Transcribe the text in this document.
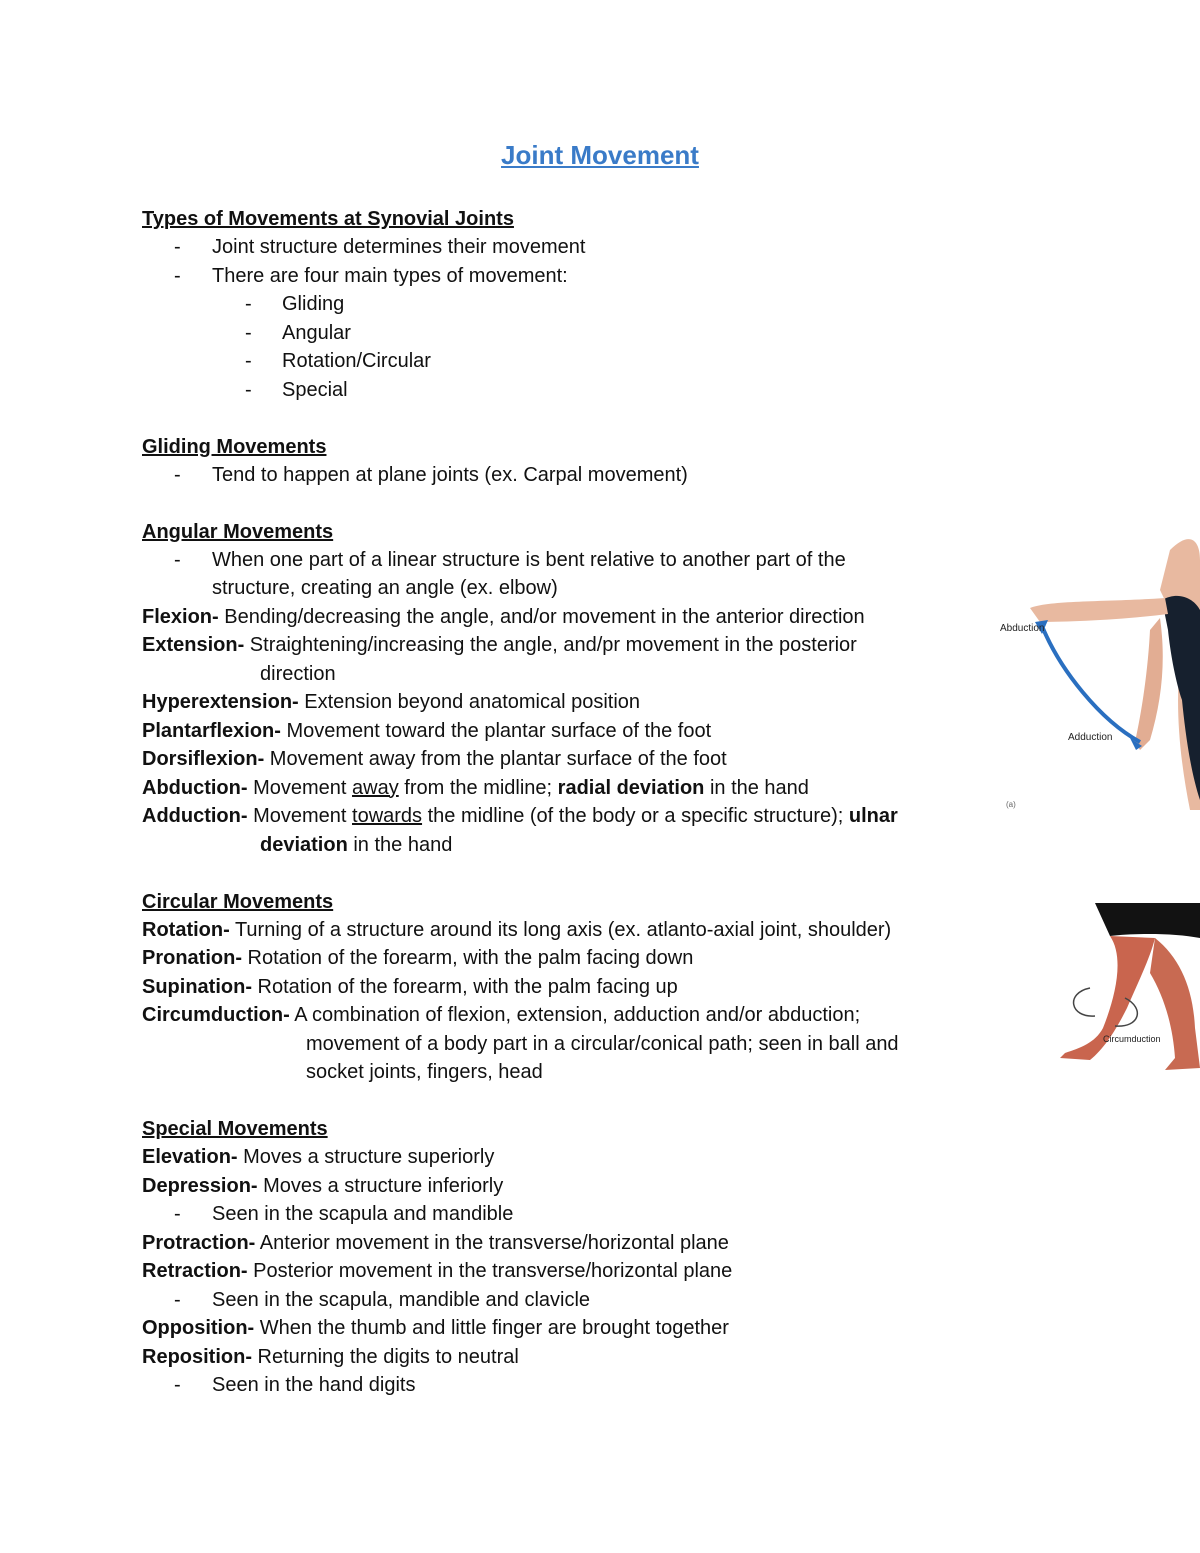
Joint Movement
Types of Movements at Synovial Joints
- Joint structure determines their movement
- There are four main types of movement:
- Gliding
- Angular
- Rotation/Circular
- Special
Gliding Movements
- Tend to happen at plane joints (ex. Carpal movement)
Angular Movements
- When one part of a linear structure is bent relative to another part of the
structure, creating an angle (ex. elbow)
Flexion- Bending/decreasing the angle, and/or movement in the anterior direction
Extension- Straightening/increasing the angle, and/pr movement in the posterior
direction
Hyperextension- Extension beyond anatomical position
Plantarflexion- Movement toward the plantar surface of the foot
Dorsiflexion- Movement away from the plantar surface of the foot
Abduction- Movement away from the midline; radial deviation in the hand
Adduction- Movement towards the midline (of the body or a specific structure); ulnar
deviation in the hand
Circular Movements
Rotation- Turning of a structure around its long axis (ex. atlanto-axial joint, shoulder)
Pronation- Rotation of the forearm, with the palm facing down
Supination- Rotation of the forearm, with the palm facing up
Circumduction- A combination of flexion, extension, adduction and/or abduction;
movement of a body part in a circular/conical path; seen in ball and
socket joints, fingers, head
Special Movements
Elevation- Moves a structure superiorly
Depression- Moves a structure inferiorly
- Seen in the scapula and mandible
Protraction- Anterior movement in the transverse/horizontal plane
Retraction- Posterior movement in the transverse/horizontal plane
- Seen in the scapula, mandible and clavicle
Opposition- When the thumb and little finger are brought together
Reposition- Returning the digits to neutral
- Seen in the hand digits
Abduction
Adduction
(a)
Circumduction
